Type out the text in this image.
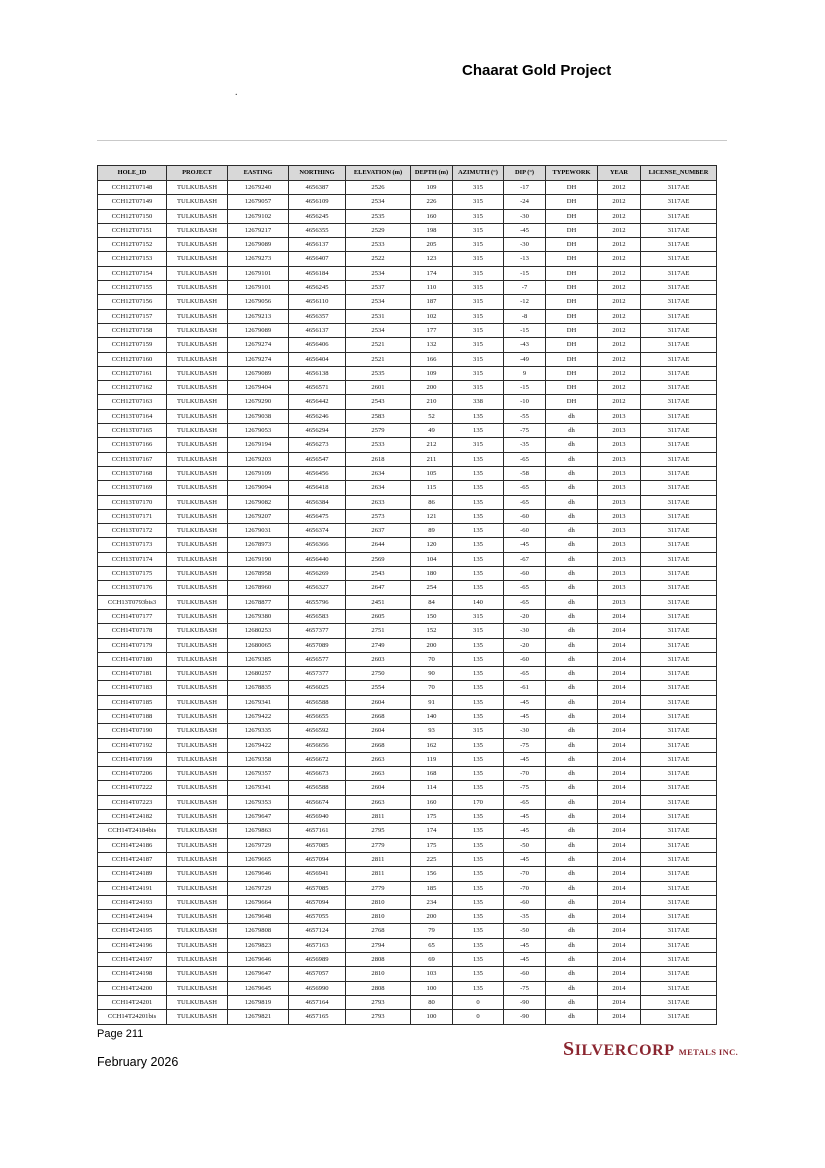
Chaarat Gold Project
.
HOLE_ID	PROJECT	EASTING	NORTHING	ELEVATION (m)	DEPTH (m)	AZIMUTH (°)	DIP (°)	TYPEWORK	YEAR	LICENSE_NUMBER
CCH12T07148	TULKUBASH	12679240	4656387	2526	109	315	-17	DH	2012	3117AE
CCH12T07149	TULKUBASH	12679057	4656109	2534	226	315	-24	DH	2012	3117AE
CCH12T07150	TULKUBASH	12679102	4656245	2535	160	315	-30	DH	2012	3117AE
CCH12T07151	TULKUBASH	12679217	4656355	2529	198	315	-45	DH	2012	3117AE
CCH12T07152	TULKUBASH	12679089	4656137	2533	205	315	-30	DH	2012	3117AE
CCH12T07153	TULKUBASH	12679273	4656407	2522	123	315	-13	DH	2012	3117AE
CCH12T07154	TULKUBASH	12679101	4656184	2534	174	315	-15	DH	2012	3117AE
CCH12T07155	TULKUBASH	12679101	4656245	2537	110	315	-7	DH	2012	3117AE
CCH12T07156	TULKUBASH	12679056	4656110	2534	187	315	-12	DH	2012	3117AE
CCH12T07157	TULKUBASH	12679213	4656357	2531	102	315	-8	DH	2012	3117AE
CCH12T07158	TULKUBASH	12679089	4656137	2534	177	315	-15	DH	2012	3117AE
CCH12T07159	TULKUBASH	12679274	4656406	2521	132	315	-43	DH	2012	3117AE
CCH12T07160	TULKUBASH	12679274	4656404	2521	166	315	-49	DH	2012	3117AE
CCH12T07161	TULKUBASH	12679089	4656138	2535	109	315	9	DH	2012	3117AE
CCH12T07162	TULKUBASH	12679404	4656571	2601	200	315	-15	DH	2012	3117AE
CCH12T07163	TULKUBASH	12679290	4656442	2543	210	338	-10	DH	2012	3117AE
CCH13T07164	TULKUBASH	12679038	4656246	2583	52	135	-55	dh	2013	3117AE
CCH13T07165	TULKUBASH	12679053	4656294	2579	49	135	-75	dh	2013	3117AE
CCH13T07166	TULKUBASH	12679194	4656273	2533	212	315	-35	dh	2013	3117AE
CCH13T07167	TULKUBASH	12679203	4656547	2618	211	135	-65	dh	2013	3117AE
CCH13T07168	TULKUBASH	12679109	4656456	2634	105	135	-58	dh	2013	3117AE
CCH13T07169	TULKUBASH	12679094	4656418	2634	115	135	-65	dh	2013	3117AE
CCH13T07170	TULKUBASH	12679082	4656384	2633	86	135	-65	dh	2013	3117AE
CCH13T07171	TULKUBASH	12679207	4656475	2573	121	135	-60	dh	2013	3117AE
CCH13T07172	TULKUBASH	12679031	4656374	2637	89	135	-60	dh	2013	3117AE
CCH13T07173	TULKUBASH	12678973	4656366	2644	120	135	-45	dh	2013	3117AE
CCH13T07174	TULKUBASH	12679190	4656440	2569	104	135	-67	dh	2013	3117AE
CCH13T07175	TULKUBASH	12678958	4656269	2543	180	135	-60	dh	2013	3117AE
CCH13T07176	TULKUBASH	12678960	4656327	2647	254	135	-65	dh	2013	3117AE
CCH13T0793bis3	TULKUBASH	12678877	4655796	2451	84	140	-65	dh	2013	3117AE
CCH14T07177	TULKUBASH	12679380	4656583	2605	150	315	-20	dh	2014	3117AE
CCH14T07178	TULKUBASH	12680253	4657377	2751	152	315	-30	dh	2014	3117AE
CCH14T07179	TULKUBASH	12680065	4657089	2749	200	135	-20	dh	2014	3117AE
CCH14T07180	TULKUBASH	12679385	4656577	2603	70	135	-60	dh	2014	3117AE
CCH14T07181	TULKUBASH	12680257	4657377	2750	90	135	-65	dh	2014	3117AE
CCH14T07183	TULKUBASH	12678835	4656025	2554	70	135	-61	dh	2014	3117AE
CCH14T07185	TULKUBASH	12679341	4656588	2604	91	135	-45	dh	2014	3117AE
CCH14T07188	TULKUBASH	12679422	4656655	2668	140	135	-45	dh	2014	3117AE
CCH14T07190	TULKUBASH	12679335	4656592	2604	93	315	-30	dh	2014	3117AE
CCH14T07192	TULKUBASH	12679422	4656656	2668	162	135	-75	dh	2014	3117AE
CCH14T07199	TULKUBASH	12679358	4656672	2663	119	135	-45	dh	2014	3117AE
CCH14T07206	TULKUBASH	12679357	4656673	2663	168	135	-70	dh	2014	3117AE
CCH14T07222	TULKUBASH	12679341	4656588	2604	114	135	-75	dh	2014	3117AE
CCH14T07223	TULKUBASH	12679353	4656674	2663	160	170	-65	dh	2014	3117AE
CCH14T24182	TULKUBASH	12679647	4656940	2811	175	135	-45	dh	2014	3117AE
CCH14T24184bis	TULKUBASH	12679863	4657161	2795	174	135	-45	dh	2014	3117AE
CCH14T24186	TULKUBASH	12679729	4657085	2779	175	135	-50	dh	2014	3117AE
CCH14T24187	TULKUBASH	12679665	4657094	2811	225	135	-45	dh	2014	3117AE
CCH14T24189	TULKUBASH	12679646	4656941	2811	156	135	-70	dh	2014	3117AE
CCH14T24191	TULKUBASH	12679729	4657085	2779	185	135	-70	dh	2014	3117AE
CCH14T24193	TULKUBASH	12679664	4657094	2810	234	135	-60	dh	2014	3117AE
CCH14T24194	TULKUBASH	12679648	4657055	2810	200	135	-35	dh	2014	3117AE
CCH14T24195	TULKUBASH	12679808	4657124	2768	79	135	-50	dh	2014	3117AE
CCH14T24196	TULKUBASH	12679823	4657163	2794	65	135	-45	dh	2014	3117AE
CCH14T24197	TULKUBASH	12679646	4656989	2808	69	135	-45	dh	2014	3117AE
CCH14T24198	TULKUBASH	12679647	4657057	2810	103	135	-60	dh	2014	3117AE
CCH14T24200	TULKUBASH	12679645	4656990	2808	100	135	-75	dh	2014	3117AE
CCH14T24201	TULKUBASH	12679819	4657164	2793	80	0	-90	dh	2014	3117AE
CCH14T24201bis	TULKUBASH	12679821	4657165	2793	100	0	-90	dh	2014	3117AE
Page 211
February 2026
SILVERCORP METALS INC.
